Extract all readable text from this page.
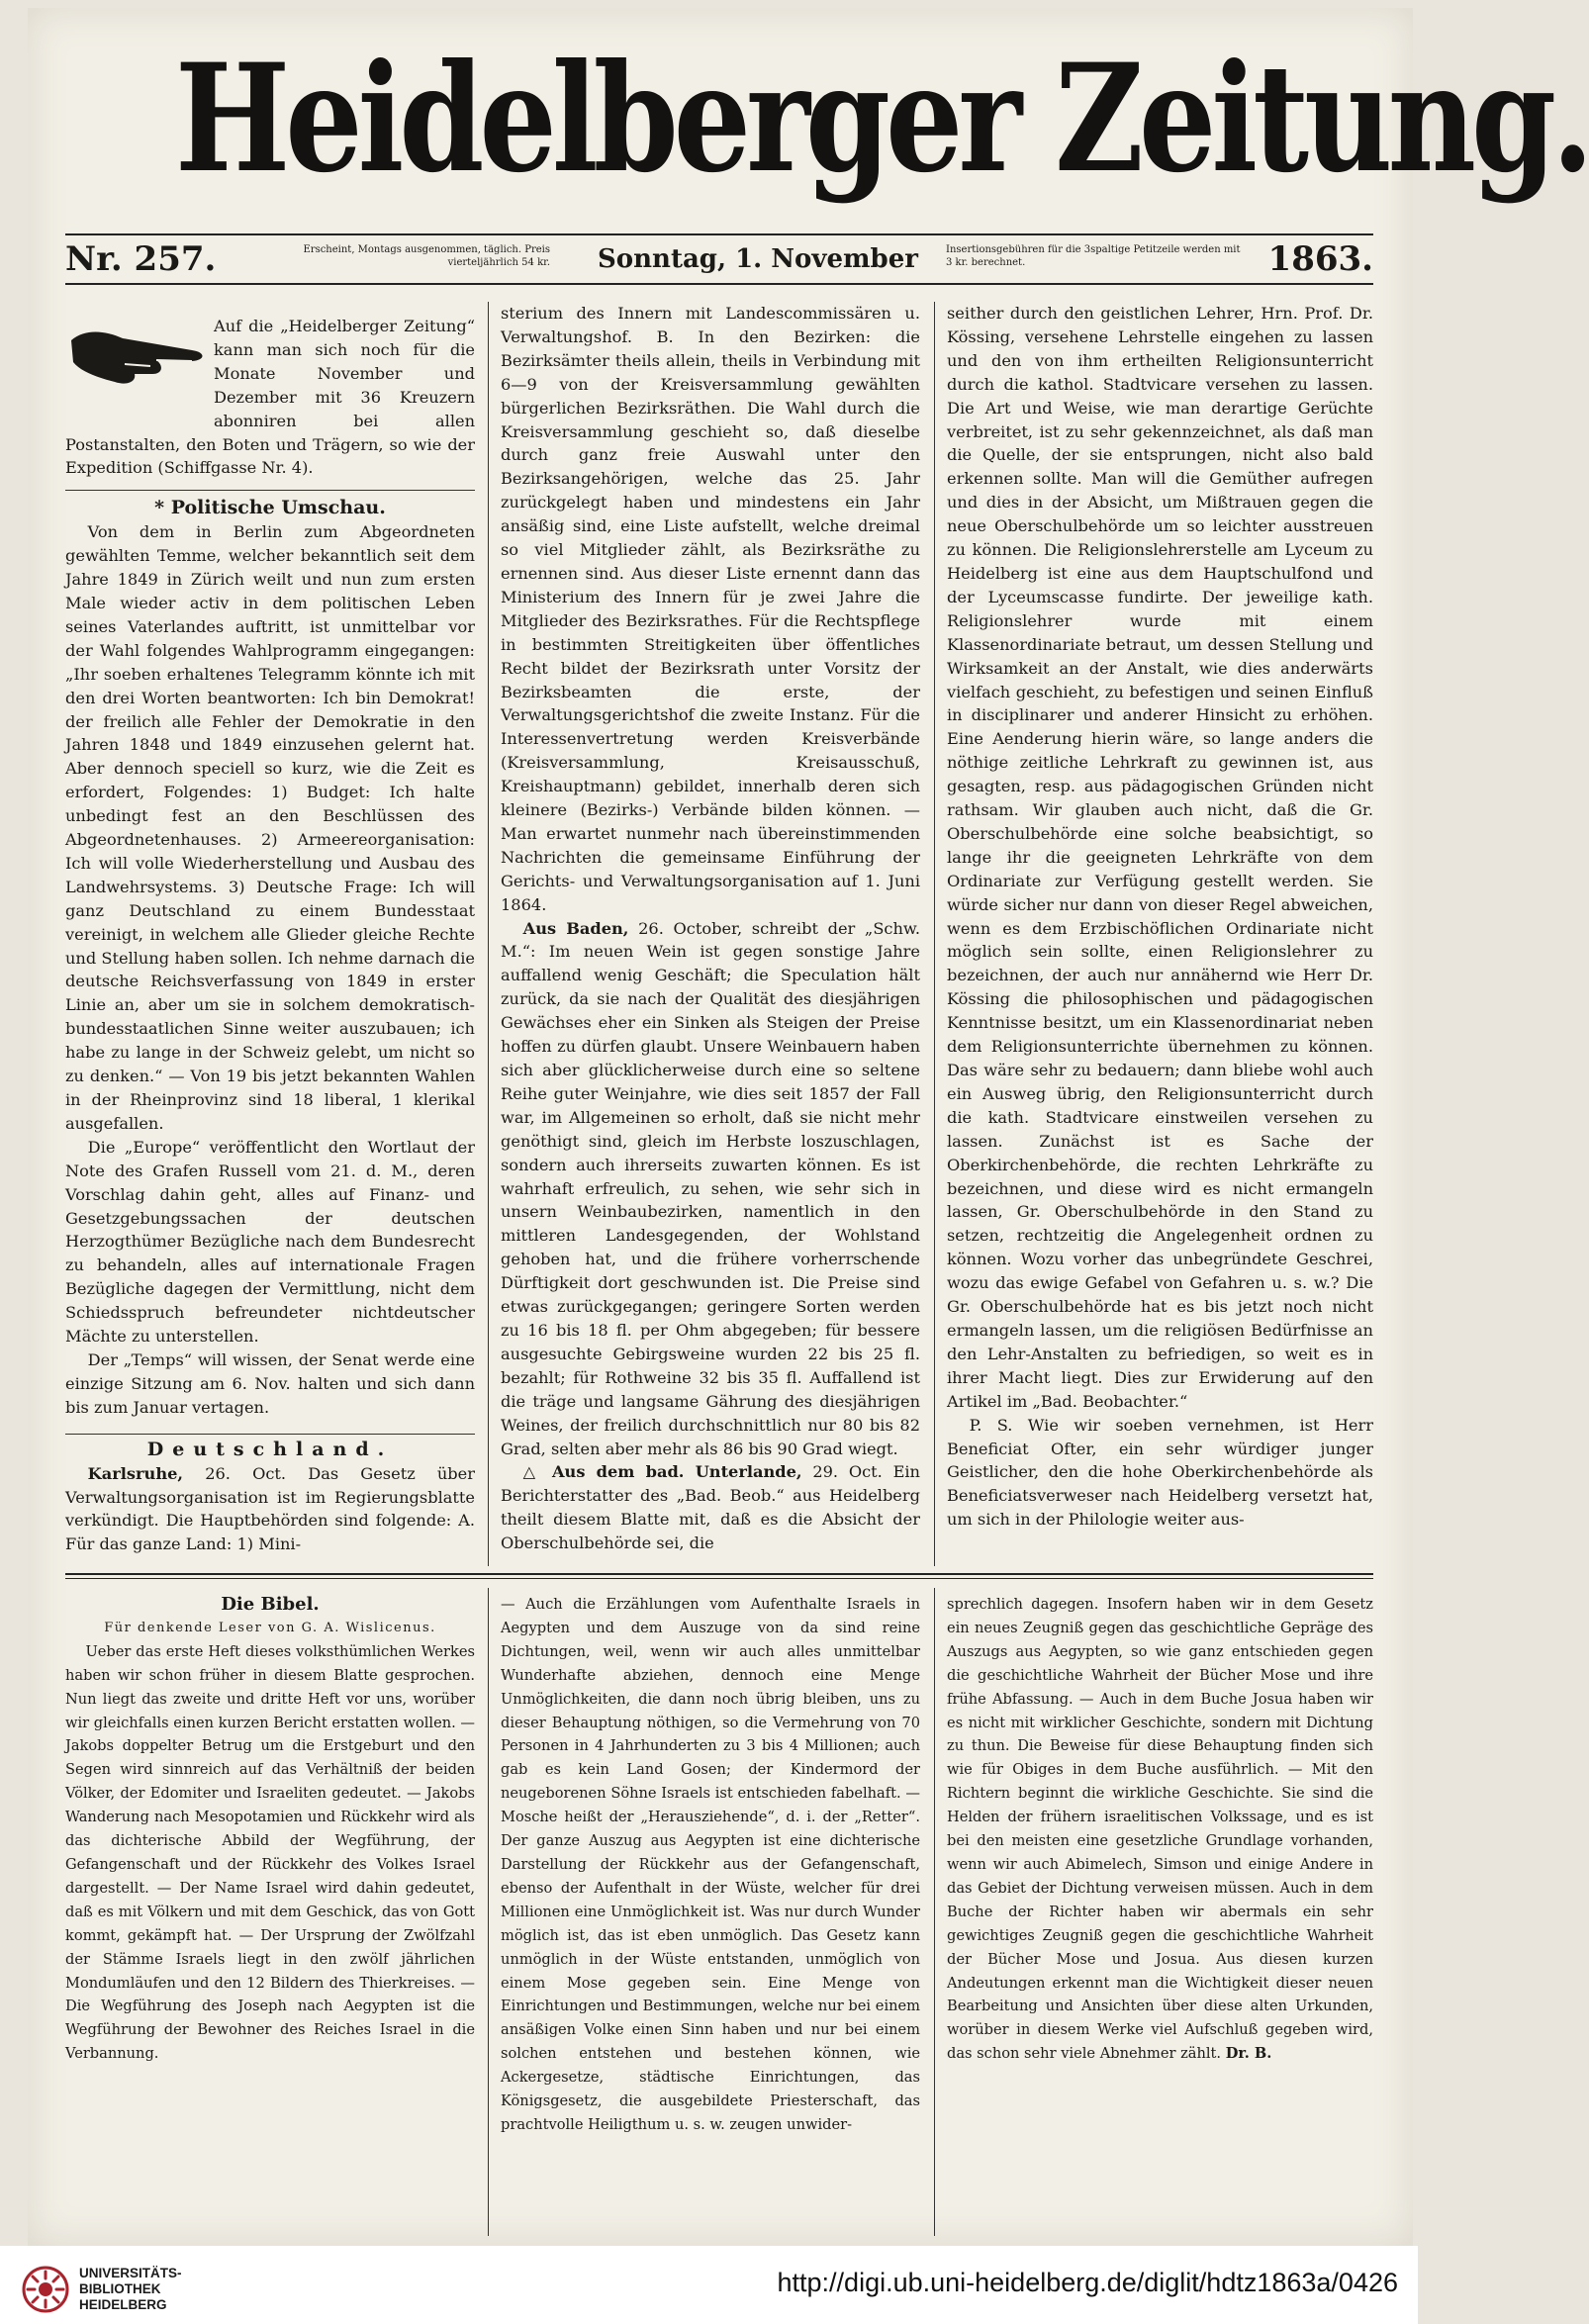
Heidelberger Zeitung.
Nr. 257.	Erscheint, Montags ausgenommen, täglich. Preis vierteljährlich 54 kr.	Sonntag, 1. November	Insertionsgebühren für die 3spaltige Petitzeile werden mit 3 kr. berechnet.	1863.

Auf die „Heidelberger Zeitung“ kann man sich noch für die Monate November und Dezember mit 36 Kreuzern abonniren bei allen Postanstalten, den Boten und Trägern, so wie der Expedition (Schiffgasse Nr. 4).

* Politische Umschau.

Von dem in Berlin zum Abgeordneten gewählten Temme, welcher bekanntlich seit dem Jahre 1849 in Zürich weilt und nun zum ersten Male wieder activ in dem politischen Leben seines Vaterlandes auftritt, ist unmittelbar vor der Wahl folgendes Wahlprogramm eingegangen: „Ihr soeben erhaltenes Telegramm könnte ich mit den drei Worten beantworten: Ich bin Demokrat! der freilich alle Fehler der Demokratie in den Jahren 1848 und 1849 einzusehen gelernt hat. Aber dennoch speciell so kurz, wie die Zeit es erfordert, Folgendes: 1) Budget: Ich halte unbedingt fest an den Beschlüssen des Abgeordnetenhauses. 2) Armeereorganisation: Ich will volle Wiederherstellung und Ausbau des Landwehrsystems. 3) Deutsche Frage: Ich will ganz Deutschland zu einem Bundesstaat vereinigt, in welchem alle Glieder gleiche Rechte und Stellung haben sollen. Ich nehme darnach die deutsche Reichsverfassung von 1849 in erster Linie an, aber um sie in solchem demokratisch-bundesstaatlichen Sinne weiter auszubauen; ich habe zu lange in der Schweiz gelebt, um nicht so zu denken.“ — Von 19 bis jetzt bekannten Wahlen in der Rheinprovinz sind 18 liberal, 1 klerikal ausgefallen.

Die „Europe“ veröffentlicht den Wortlaut der Note des Grafen Russell vom 21. d. M., deren Vorschlag dahin geht, alles auf Finanz- und Gesetzgebungssachen der deutschen Herzogthümer Bezügliche nach dem Bundesrecht zu behandeln, alles auf internationale Fragen Bezügliche dagegen der Vermittlung, nicht dem Schiedsspruch befreundeter nichtdeutscher Mächte zu unterstellen.

Der „Temps“ will wissen, der Senat werde eine einzige Sitzung am 6. Nov. halten und sich dann bis zum Januar vertagen.

Deutschland.

Karlsruhe, 26. Oct. Das Gesetz über Verwaltungsorganisation ist im Regierungsblatte verkündigt. Die Hauptbehörden sind folgende: A. Für das ganze Land: 1) Mini-

sterium des Innern mit Landescommissären u. Verwaltungshof. B. In den Bezirken: die Bezirksämter theils allein, theils in Verbindung mit 6—9 von der Kreisversammlung gewählten bürgerlichen Bezirksräthen. Die Wahl durch die Kreisversammlung geschieht so, daß dieselbe durch ganz freie Auswahl unter den Bezirksangehörigen, welche das 25. Jahr zurückgelegt haben und mindestens ein Jahr ansäßig sind, eine Liste aufstellt, welche dreimal so viel Mitglieder zählt, als Bezirksräthe zu ernennen sind. Aus dieser Liste ernennt dann das Ministerium des Innern für je zwei Jahre die Mitglieder des Bezirksrathes. Für die Rechtspflege in bestimmten Streitigkeiten über öffentliches Recht bildet der Bezirksrath unter Vorsitz der Bezirksbeamten die erste, der Verwaltungsgerichtshof die zweite Instanz. Für die Interessenvertretung werden Kreisverbände (Kreisversammlung, Kreisausschuß, Kreishauptmann) gebildet, innerhalb deren sich kleinere (Bezirks-) Verbände bilden können. — Man erwartet nunmehr nach übereinstimmenden Nachrichten die gemeinsame Einführung der Gerichts- und Verwaltungsorganisation auf 1. Juni 1864.

Aus Baden, 26. October, schreibt der „Schw. M.“: Im neuen Wein ist gegen sonstige Jahre auffallend wenig Geschäft; die Speculation hält zurück, da sie nach der Qualität des diesjährigen Gewächses eher ein Sinken als Steigen der Preise hoffen zu dürfen glaubt. Unsere Weinbauern haben sich aber glücklicherweise durch eine so seltene Reihe guter Weinjahre, wie dies seit 1857 der Fall war, im Allgemeinen so erholt, daß sie nicht mehr genöthigt sind, gleich im Herbste loszuschlagen, sondern auch ihrerseits zuwarten können. Es ist wahrhaft erfreulich, zu sehen, wie sehr sich in unsern Weinbaubezirken, namentlich in den mittleren Landesgegenden, der Wohlstand gehoben hat, und die frühere vorherrschende Dürftigkeit dort geschwunden ist. Die Preise sind etwas zurückgegangen; geringere Sorten werden zu 16 bis 18 fl. per Ohm abgegeben; für bessere ausgesuchte Gebirgsweine wurden 22 bis 25 fl. bezahlt; für Rothweine 32 bis 35 fl. Auffallend ist die träge und langsame Gährung des diesjährigen Weines, der freilich durchschnittlich nur 80 bis 82 Grad, selten aber mehr als 86 bis 90 Grad wiegt.

△ Aus dem bad. Unterlande, 29. Oct. Ein Berichterstatter des „Bad. Beob.“ aus Heidelberg theilt diesem Blatte mit, daß es die Absicht der Oberschulbehörde sei, die

seither durch den geistlichen Lehrer, Hrn. Prof. Dr. Kössing, versehene Lehrstelle eingehen zu lassen und den von ihm ertheilten Religionsunterricht durch die kathol. Stadtvicare versehen zu lassen. Die Art und Weise, wie man derartige Gerüchte verbreitet, ist zu sehr gekennzeichnet, als daß man die Quelle, der sie entsprungen, nicht also bald erkennen sollte. Man will die Gemüther aufregen und dies in der Absicht, um Mißtrauen gegen die neue Oberschulbehörde um so leichter ausstreuen zu können. Die Religionslehrerstelle am Lyceum zu Heidelberg ist eine aus dem Hauptschulfond und der Lyceumscasse fundirte. Der jeweilige kath. Religionslehrer wurde mit einem Klassenordinariate betraut, um dessen Stellung und Wirksamkeit an der Anstalt, wie dies anderwärts vielfach geschieht, zu befestigen und seinen Einfluß in disciplinarer und anderer Hinsicht zu erhöhen. Eine Aenderung hierin wäre, so lange anders die nöthige zeitliche Lehrkraft zu gewinnen ist, aus gesagten, resp. aus pädagogischen Gründen nicht rathsam. Wir glauben auch nicht, daß die Gr. Oberschulbehörde eine solche beabsichtigt, so lange ihr die geeigneten Lehrkräfte von dem Ordinariate zur Verfügung gestellt werden. Sie würde sicher nur dann von dieser Regel abweichen, wenn es dem Erzbischöflichen Ordinariate nicht möglich sein sollte, einen Religionslehrer zu bezeichnen, der auch nur annähernd wie Herr Dr. Kössing die philosophischen und pädagogischen Kenntnisse besitzt, um ein Klassenordinariat neben dem Religionsunterrichte übernehmen zu können. Das wäre sehr zu bedauern; dann bliebe wohl auch ein Ausweg übrig, den Religionsunterricht durch die kath. Stadtvicare einstweilen versehen zu lassen. Zunächst ist es Sache der Oberkirchenbehörde, die rechten Lehrkräfte zu bezeichnen, und diese wird es nicht ermangeln lassen, Gr. Oberschulbehörde in den Stand zu setzen, rechtzeitig die Angelegenheit ordnen zu können. Wozu vorher das unbegründete Geschrei, wozu das ewige Gefabel von Gefahren u. s. w.? Die Gr. Oberschulbehörde hat es bis jetzt noch nicht ermangeln lassen, um die religiösen Bedürfnisse an den Lehr-Anstalten zu befriedigen, so weit es in ihrer Macht liegt. Dies zur Erwiderung auf den Artikel im „Bad. Beobachter.“

P. S. Wie wir soeben vernehmen, ist Herr Beneficiat Ofter, ein sehr würdiger junger Geistlicher, den die hohe Oberkirchenbehörde als Beneficiatsverweser nach Heidelberg versetzt hat, um sich in der Philologie weiter aus-

Die Bibel.

Für denkende Leser von G. A. Wislicenus.

Ueber das erste Heft dieses volksthümlichen Werkes haben wir schon früher in diesem Blatte gesprochen. Nun liegt das zweite und dritte Heft vor uns, worüber wir gleichfalls einen kurzen Bericht erstatten wollen. — Jakobs doppelter Betrug um die Erstgeburt und den Segen wird sinnreich auf das Verhältniß der beiden Völker, der Edomiter und Israeliten gedeutet. — Jakobs Wanderung nach Mesopotamien und Rückkehr wird als das dichterische Abbild der Wegführung, der Gefangenschaft und der Rückkehr des Volkes Israel dargestellt. — Der Name Israel wird dahin gedeutet, daß es mit Völkern und mit dem Geschick, das von Gott kommt, gekämpft hat. — Der Ursprung der Zwölfzahl der Stämme Israels liegt in den zwölf jährlichen Mondumläufen und den 12 Bildern des Thierkreises. — Die Wegführung des Joseph nach Aegypten ist die Wegführung der Bewohner des Reiches Israel in die Verbannung.

— Auch die Erzählungen vom Aufenthalte Israels in Aegypten und dem Auszuge von da sind reine Dichtungen, weil, wenn wir auch alles unmittelbar Wunderhafte abziehen, dennoch eine Menge Unmöglichkeiten, die dann noch übrig bleiben, uns zu dieser Behauptung nöthigen, so die Vermehrung von 70 Personen in 4 Jahrhunderten zu 3 bis 4 Millionen; auch gab es kein Land Gosen; der Kindermord der neugeborenen Söhne Israels ist entschieden fabelhaft. — Mosche heißt der „Herausziehende“, d. i. der „Retter“. Der ganze Auszug aus Aegypten ist eine dichterische Darstellung der Rückkehr aus der Gefangenschaft, ebenso der Aufenthalt in der Wüste, welcher für drei Millionen eine Unmöglichkeit ist. Was nur durch Wunder möglich ist, das ist eben unmöglich. Das Gesetz kann unmöglich in der Wüste entstanden, unmöglich von einem Mose gegeben sein. Eine Menge von Einrichtungen und Bestimmungen, welche nur bei einem ansäßigen Volke einen Sinn haben und nur bei einem solchen entstehen und bestehen können, wie Ackergesetze, städtische Einrichtungen, das Königsgesetz, die ausgebildete Priesterschaft, das prachtvolle Heiligthum u. s. w. zeugen unwider-

sprechlich dagegen. Insofern haben wir in dem Gesetz ein neues Zeugniß gegen das geschichtliche Gepräge des Auszugs aus Aegypten, so wie ganz entschieden gegen die geschichtliche Wahrheit der Bücher Mose und ihre frühe Abfassung. — Auch in dem Buche Josua haben wir es nicht mit wirklicher Geschichte, sondern mit Dichtung zu thun. Die Beweise für diese Behauptung finden sich wie für Obiges in dem Buche ausführlich. — Mit den Richtern beginnt die wirkliche Geschichte. Sie sind die Helden der frühern israelitischen Volkssage, und es ist bei den meisten eine gesetzliche Grundlage vorhanden, wenn wir auch Abimelech, Simson und einige Andere in das Gebiet der Dichtung verweisen müssen. Auch in dem Buche der Richter haben wir abermals ein sehr gewichtiges Zeugniß gegen die geschichtliche Wahrheit der Bücher Mose und Josua. Aus diesen kurzen Andeutungen erkennt man die Wichtigkeit dieser neuen Bearbeitung und Ansichten über diese alten Urkunden, worüber in diesem Werke viel Aufschluß gegeben wird, das schon sehr viele Abnehmer zählt. Dr. B.

UNIVERSITÄTS-
BIBLIOTHEK
HEIDELBERG
http://digi.ub.uni-heidelberg.de/diglit/hdtz1863a/0426
